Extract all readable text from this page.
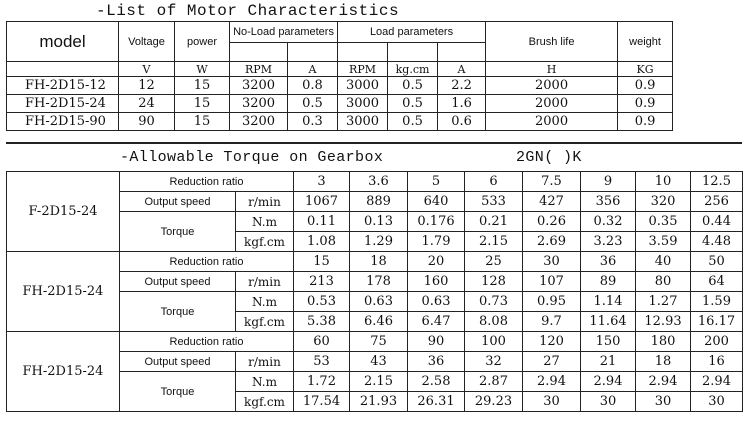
-List of Motor Characteristics
model	Voltage	power	No-Load parameters		Load parameters			Brush life	weight	

	V	W	RPM	A	RPM	kg.cm	A	H	KG	
FH-2D15-12	12	15	3200	0.8	3000	0.5	2.2	2000	0.9	
FH-2D15-24	24	15	3200	0.5	3000	0.5	1.6	2000	0.9	
FH-2D15-90	90	15	3200	0.3	3000	0.5	0.6	2000	0.9	
-Allowable Torque on Gearbox	2GN( )K
F-2D15-24	Reduction ratio		3	3.6	5	6	7.5	9	10	12.5
	Output speed	r/min	1067	889	640	533	427	356	320	256
	Torque	N.m	0.11	0.13	0.176	0.21	0.26	0.32	0.35	0.44
		kgf.cm	1.08	1.29	1.79	2.15	2.69	3.23	3.59	4.48
FH-2D15-24	Reduction ratio		15	18	20	25	30	36	40	50
	Output speed	r/min	213	178	160	128	107	89	80	64
	Torque	N.m	0.53	0.63	0.63	0.73	0.95	1.14	1.27	1.59
		kgf.cm	5.38	6.46	6.47	8.08	9.7	11.64	12.93	16.17
FH-2D15-24	Reduction ratio		60	75	90	100	120	150	180	200
	Output speed	r/min	53	43	36	32	27	21	18	16
	Torque	N.m	1.72	2.15	2.58	2.87	2.94	2.94	2.94	2.94
		kgf.cm	17.54	21.93	26.31	29.23	30	30	30	30
